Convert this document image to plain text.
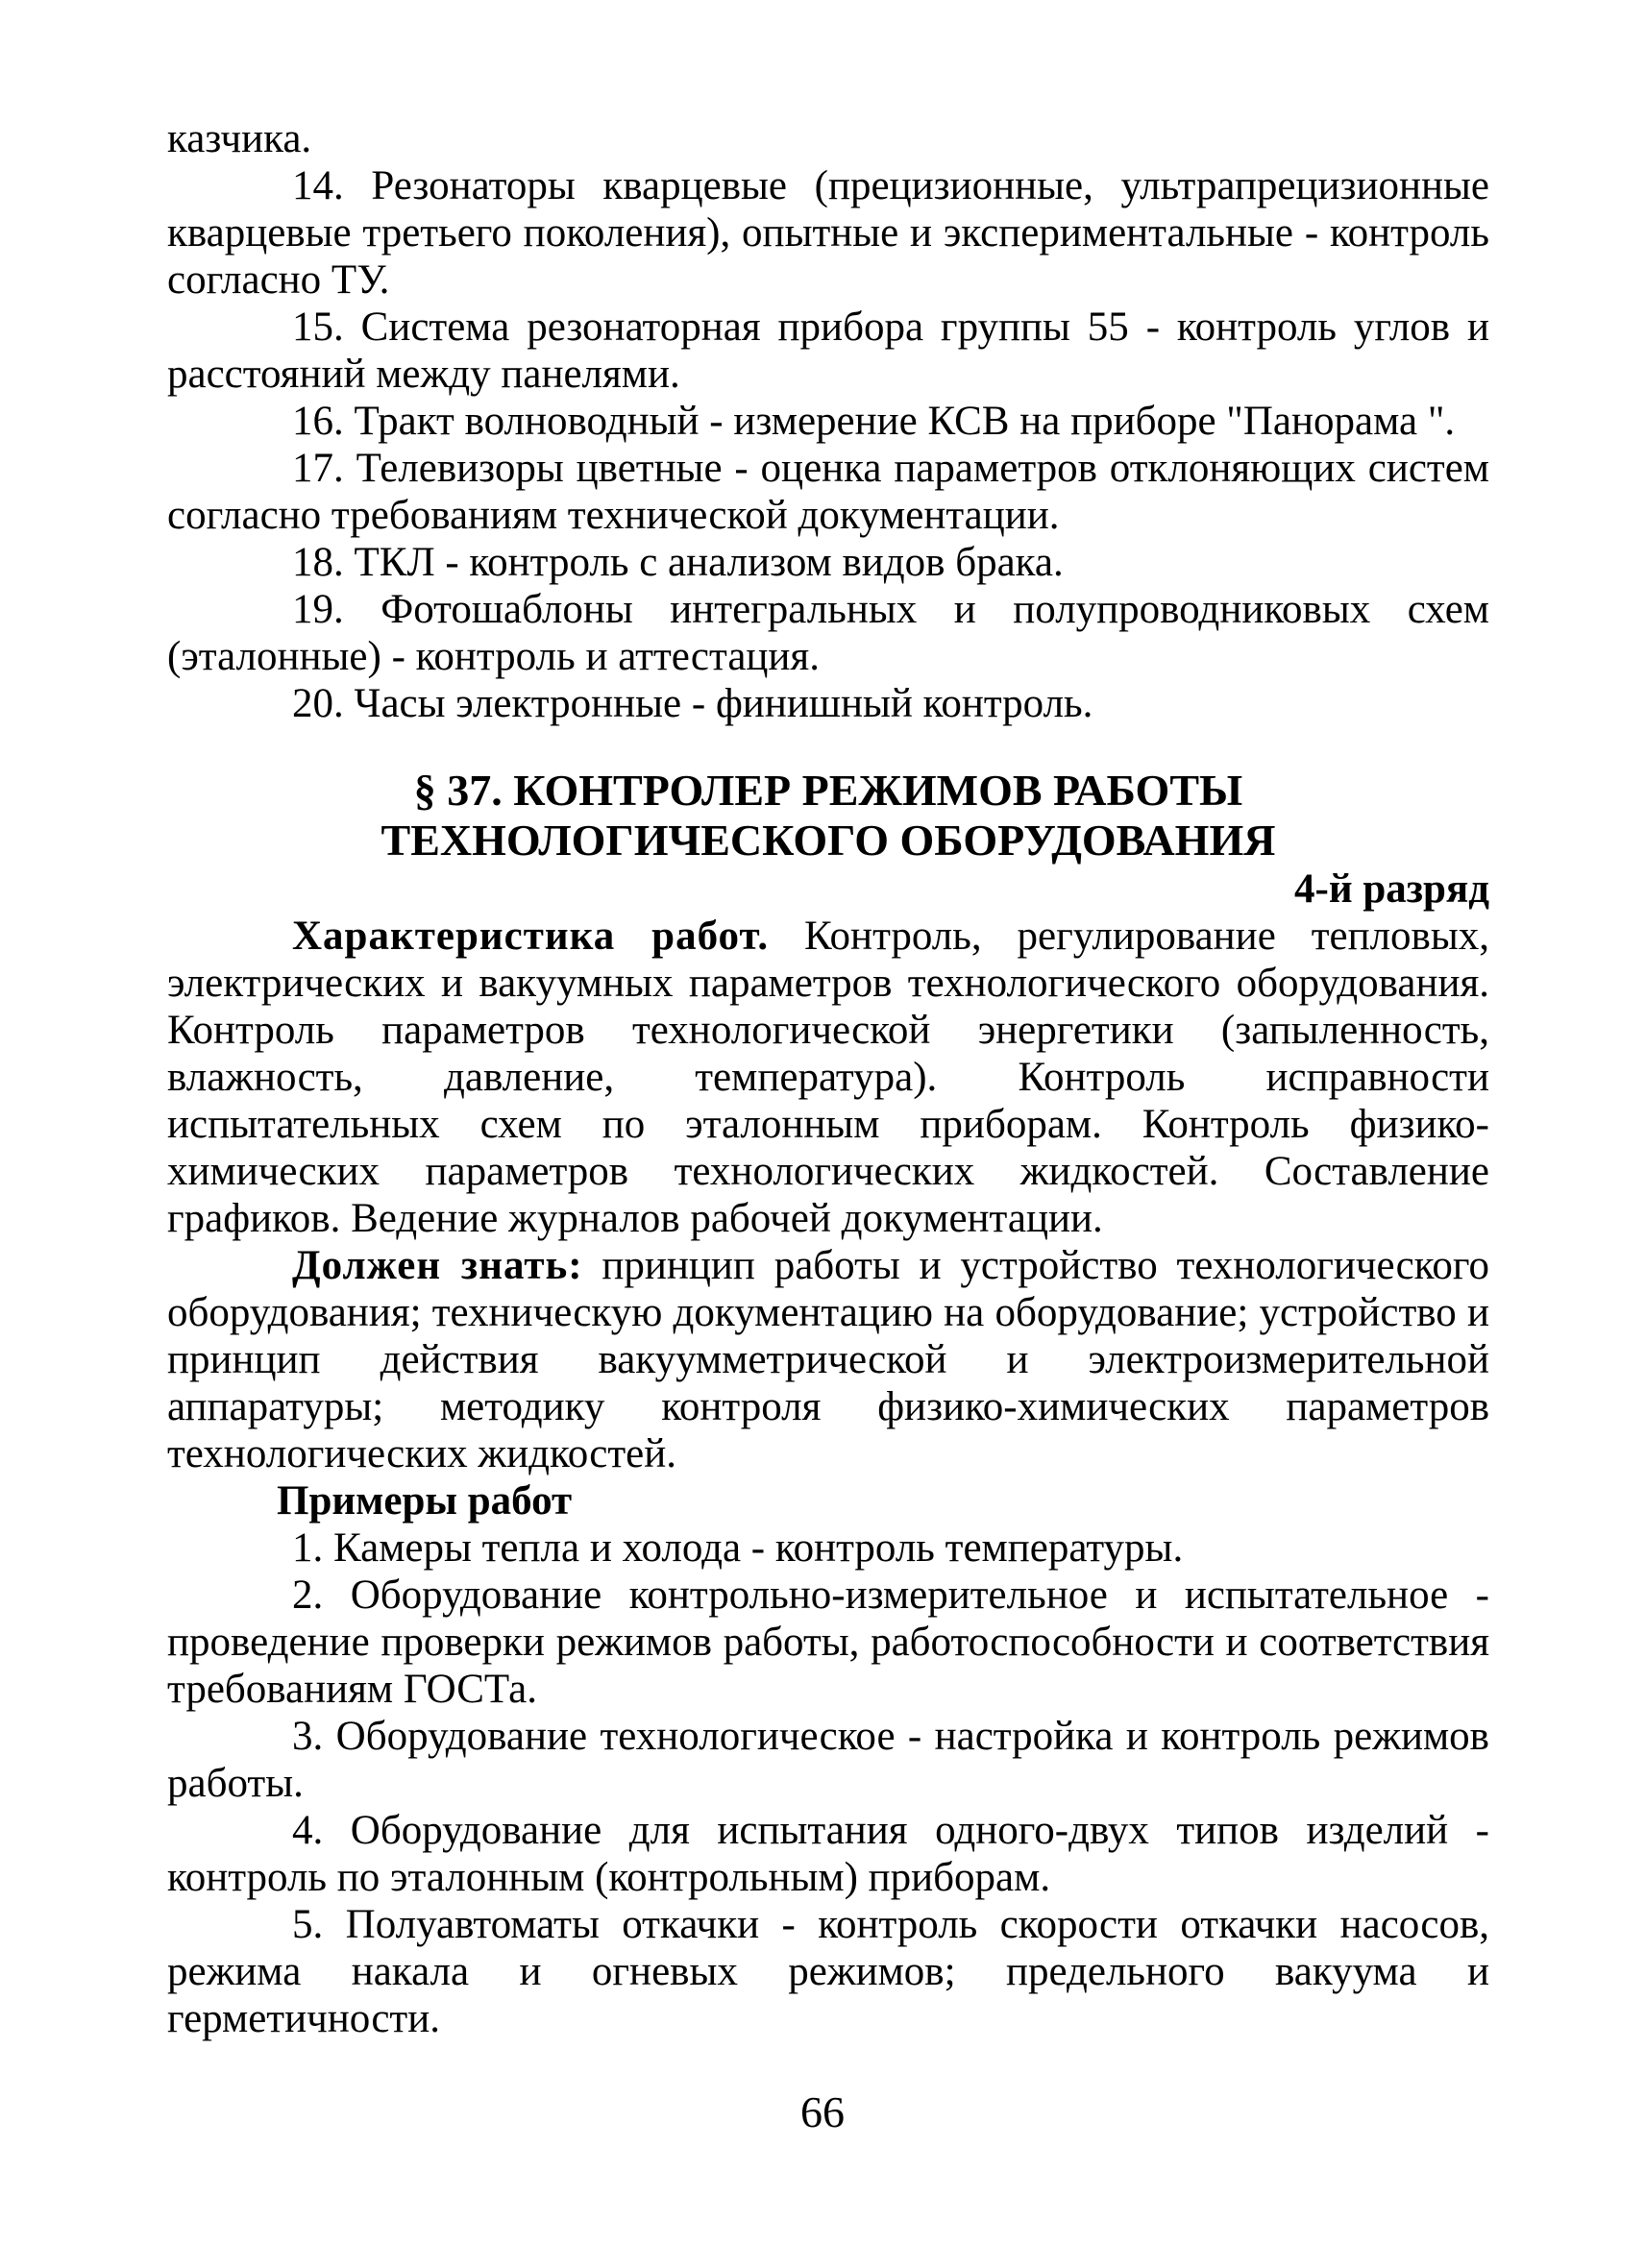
казчика.

14. Резонаторы кварцевые (прецизионные, ультрапрецизионные кварцевые третьего поколения), опытные и экспериментальные - контроль согласно ТУ.

15. Система резонаторная прибора группы 55 - контроль углов и расстояний между панелями.

16. Тракт волноводный - измерение КСВ на приборе "Панорама ".

17. Телевизоры цветные - оценка параметров отклоняющих систем согласно требованиям технической документации.

18. ТКЛ - контроль с анализом видов брака.

19. Фотошаблоны интегральных и полупроводниковых схем (эталонные) - контроль и аттестация.

20. Часы электронные - финишный контроль.

§ 37. КОНТРОЛЕР РЕЖИМОВ РАБОТЫ
ТЕХНОЛОГИЧЕСКОГО ОБОРУДОВАНИЯ

4-й разряд

Характеристика работ. Контроль, регулирование тепловых, электрических и вакуумных параметров технологического оборудования. Контроль параметров технологической энергетики (запыленность, влажность, давление, температура). Контроль исправности испытательных схем по эталонным приборам. Контроль физико-химических параметров технологических жидкостей. Составление графиков. Ведение журналов рабочей документации.

Должен знать: принцип работы и устройство технологического оборудования; техническую документацию на оборудование; устройство и принцип действия вакуумметрической и электроизмерительной аппаратуры; методику контроля физико-химических параметров технологических жидкостей.

Примеры работ

1. Камеры тепла и холода - контроль температуры.

2. Оборудование контрольно-измерительное и испытательное - проведение проверки режимов работы, работоспособности и соответствия требованиям ГОСТа.

3. Оборудование технологическое - настройка и контроль режимов работы.

4. Оборудование для испытания одного-двух типов изделий - контроль по эталонным (контрольным) приборам.

5. Полуавтоматы откачки - контроль скорости откачки насосов, режима накала и огневых режимов; предельного вакуума и герметичности.

66
